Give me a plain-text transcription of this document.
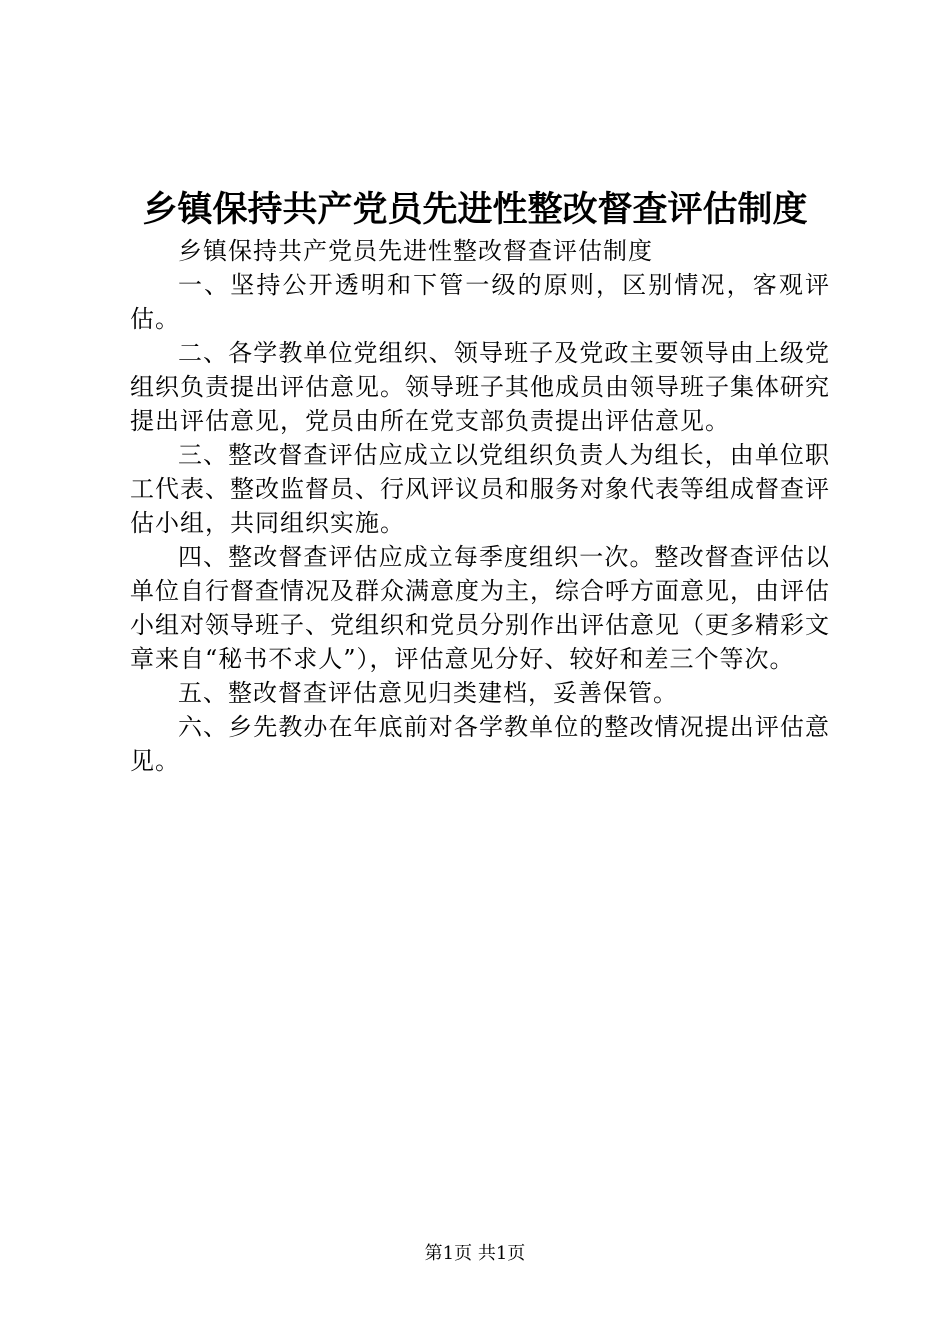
乡镇保持共产党员先进性整改督查评估制度

乡镇保持共产党员先进性整改督查评估制度

一、坚持公开透明和下管一级的原则，区别情况，客观评估。

二、各学教单位党组织、领导班子及党政主要领导由上级党组织负责提出评估意见。领导班子其他成员由领导班子集体研究提出评估意见，党员由所在党支部负责提出评估意见。

三、整改督查评估应成立以党组织负责人为组长，由单位职工代表、整改监督员、行风评议员和服务对象代表等组成督查评估小组，共同组织实施。

四、整改督查评估应成立每季度组织一次。整改督查评估以单位自行督查情况及群众满意度为主，综合呼方面意见，由评估小组对领导班子、党组织和党员分别作出评估意见（更多精彩文章来自“秘书不求人”），评估意见分好、较好和差三个等次。

五、整改督查评估意见归类建档，妥善保管。

六、乡先教办在年底前对各学教单位的整改情况提出评估意见。

第1页 共1页
